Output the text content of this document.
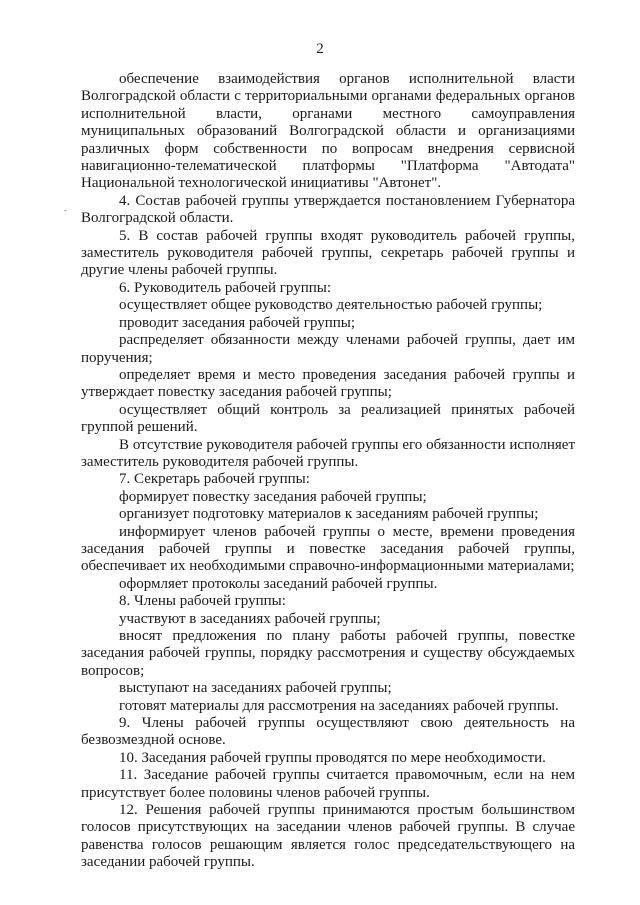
2
-

обеспечение взаимодействия органов исполнительной власти Волгоградской области с территориальными органами федеральных органов исполнительной власти, органами местного самоуправления муниципальных образований Волгоградской области и организациями различных форм собственности по вопросам внедрения сервисной навигационно-телематической платформы "Платформа "Автодата" Национальной технологической инициативы "Автонет".

4. Состав рабочей группы утверждается постановлением Губернатора Волгоградской области.

5. В состав рабочей группы входят руководитель рабочей группы, заместитель руководителя рабочей группы, секретарь рабочей группы и другие члены рабочей группы.

6. Руководитель рабочей группы:

осуществляет общее руководство деятельностью рабочей группы;

проводит заседания рабочей группы;

распределяет обязанности между членами рабочей группы, дает им поручения;

определяет время и место проведения заседания рабочей группы и утверждает повестку заседания рабочей группы;

осуществляет общий контроль за реализацией принятых рабочей группой решений.

В отсутствие руководителя рабочей группы его обязанности исполняет заместитель руководителя рабочей группы.

7. Секретарь рабочей группы:

формирует повестку заседания рабочей группы;

организует подготовку материалов к заседаниям рабочей группы;

информирует членов рабочей группы о месте, времени проведения заседания рабочей группы и повестке заседания рабочей группы, обеспечивает их необходимыми справочно-информационными материалами;

оформляет протоколы заседаний рабочей группы.

8. Члены рабочей группы:

участвуют в заседаниях рабочей группы;

вносят предложения по плану работы рабочей группы, повестке заседания рабочей группы, порядку рассмотрения и существу обсуждаемых вопросов;

выступают на заседаниях рабочей группы;

готовят материалы для рассмотрения на заседаниях рабочей группы.

9. Члены рабочей группы осуществляют свою деятельность на безвозмездной основе.

10. Заседания рабочей группы проводятся по мере необходимости.

11. Заседание рабочей группы считается правомочным, если на нем присутствует более половины членов рабочей группы.

12. Решения рабочей группы принимаются простым большинством голосов присутствующих на заседании членов рабочей группы. В случае равенства голосов решающим является голос председательствующего на заседании рабочей группы.
